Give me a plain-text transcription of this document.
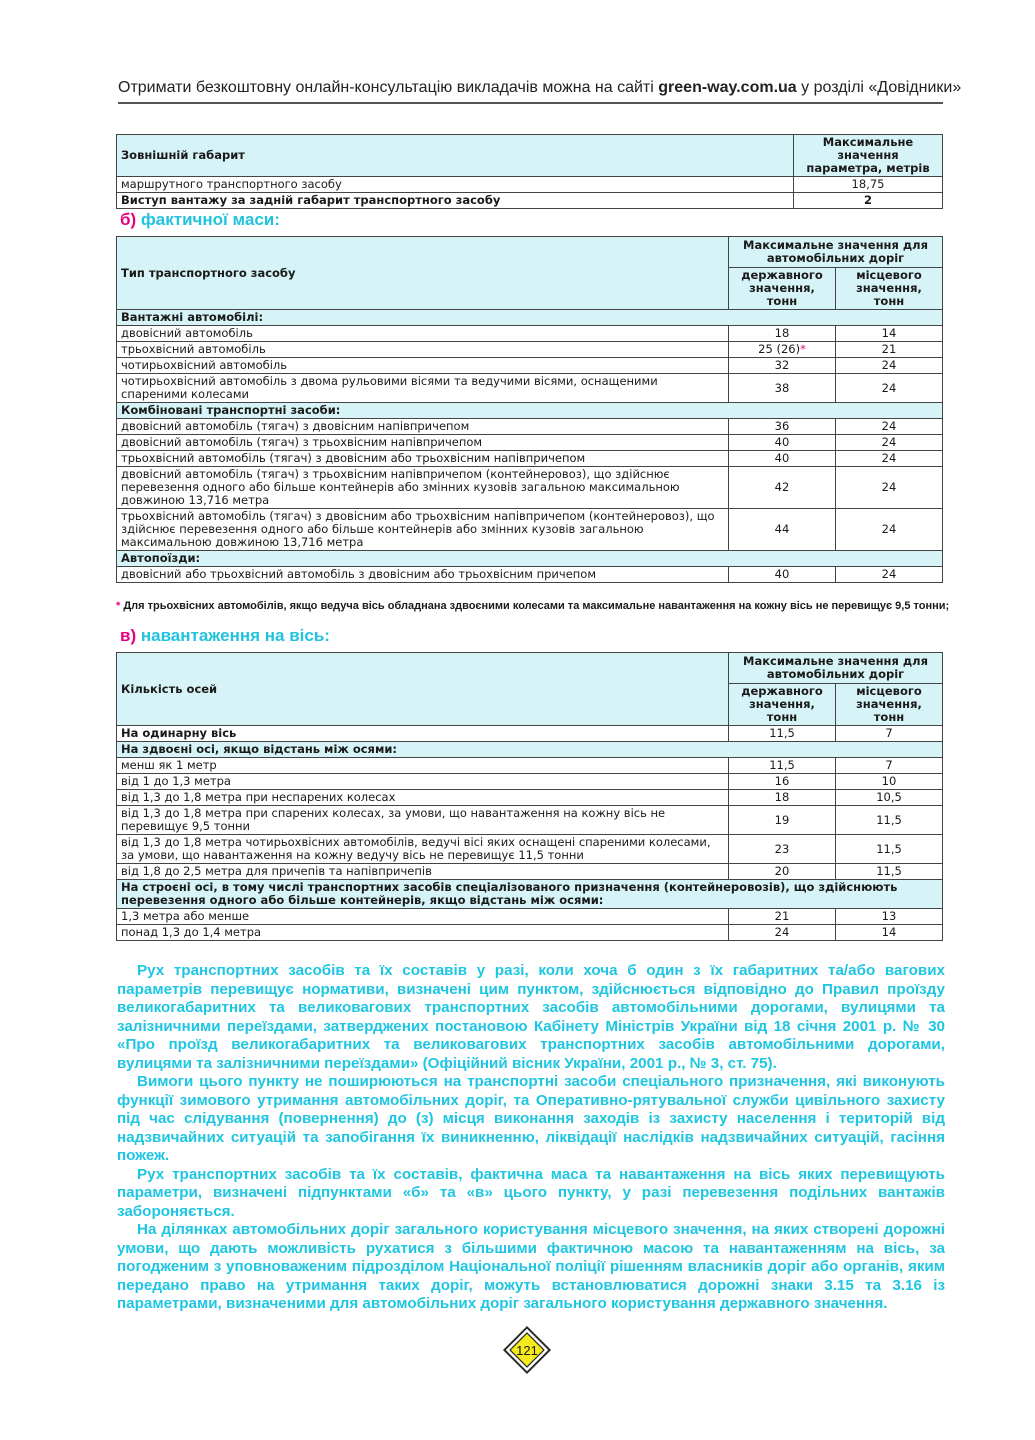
Отримати безкоштовну онлайн-консультацію викладачів можна на сайті green-way.com.ua у розділі «Довідники»
Зовнішній габарит	Максимальне значення параметра, метрів
маршрутного транспортного засобу	18,75
Виступ вантажу за задній габарит транспортного засобу	2
б) фактичної маси:
Тип транспортного засобу	Максимальне значення для автомобільних доріг	
	державного значення, тонн	місцевого значення, тонн
Вантажні автомобілі:		
двовісний автомобіль	18	14
трьохвісний автомобіль	25 (26)*	21
чотирьохвісний автомобіль	32	24
чотирьохвісний автомобіль з двома рульовими вісями та ведучими вісями, оснащеними спареними колесами	38	24
Комбіновані транспортні засоби:		
двовісний автомобіль (тягач) з двовісним напівпричепом	36	24
двовісний автомобіль (тягач) з трьохвісним напівпричепом	40	24
трьохвісний автомобіль (тягач) з двовісним або трьохвісним напівпричепом	40	24
двовісний автомобіль (тягач) з трьохвісним напівпричепом (контейнеровоз), що здійснює перевезення одного або більше контейнерів або змінних кузовів загальною максимальною довжиною 13,716 метра	42	24
трьохвісний автомобіль (тягач) з двовісним або трьохвісним напівпричепом (контейнеровоз), що здійснює перевезення одного або більше контейнерів або змінних кузовів загальною максимальною довжиною 13,716 метра	44	24
Автопоїзди:		
двовісний або трьохвісний автомобіль з двовісним або трьохвісним причепом	40	24
* Для трьохвісних автомобілів, якщо ведуча вісь обладнана здвоєними колесами та максимальне навантаження на кожну вісь не перевищує 9,5 тонни;
в) навантаження на вісь:
Кількість осей	Максимальне значення для автомобільних доріг	
	державного значення, тонн	місцевого значення, тонн
На одинарну вісь	11,5	7
На здвоєні осі, якщо відстань між осями:		
менш як 1 метр	11,5	7
від 1 до 1,3 метра	16	10
від 1,3 до 1,8 метра при неспарених колесах	18	10,5
від 1,3 до 1,8 метра при спарених колесах, за умови, що навантаження на кожну вісь не перевищує 9,5 тонни	19	11,5
від 1,3 до 1,8 метра чотирьохвісних автомобілів, ведучі вісі яких оснащені спареними колесами, за умови, що навантаження на кожну ведучу вісь не перевищує 11,5 тонни	23	11,5
від 1,8 до 2,5 метра для причепів та напівпричепів	20	11,5
На строєні осі, в тому числі транспортних засобів спеціалізованого призначення (контейнеровозів), що здійснюють перевезення одного або більше контейнерів, якщо відстань між осями:		
1,3 метра або менше	21	13
понад 1,3 до 1,4 метра	24	14

Рух транспортних засобів та їх составів у разі, коли хоча б один з їх габаритних та/або вагових параметрів перевищує нормативи, визначені цим пунктом, здійснюється відповідно до Правил проїзду великогабаритних та великовагових транспортних засобів автомобільними дорогами, вулицями та залізничними переїздами, затверджених постановою Кабінету Міністрів України від 18 січня 2001 р. № 30 «Про проїзд великогабаритних та великовагових транспортних засобів автомобільними дорогами, вулицями та залізничними переїздами» (Офіційний вісник України, 2001 р., № 3, ст. 75).

Вимоги цього пункту не поширюються на транспортні засоби спеціального призначення, які виконують функції зимового утримання автомобільних доріг, та Оперативно-рятувальної служби цивільного захисту під час слідування (повернення) до (з) місця виконання заходів із захисту населення і територій від надзвичайних ситуацій та запобігання їх виникненню, ліквідації наслідків надзвичайних ситуацій, гасіння пожеж.

Рух транспортних засобів та їх составів, фактична маса та навантаження на вісь яких перевищують параметри, визначені підпунктами «б» та «в» цього пункту, у разі перевезення подільних вантажів забороняється.

На ділянках автомобільних доріг загального користування місцевого значення, на яких створені дорожні умови, що дають можливість рухатися з більшими фактичною масою та навантаженням на вісь, за погодженим з уповноваженим підрозділом Національної поліції рішенням власників доріг або органів, яким передано право на утримання таких доріг, можуть встановлюватися дорожні знаки 3.15 та 3.16 із параметрами, визначеними для автомобільних доріг загального користування державного значення.

121
